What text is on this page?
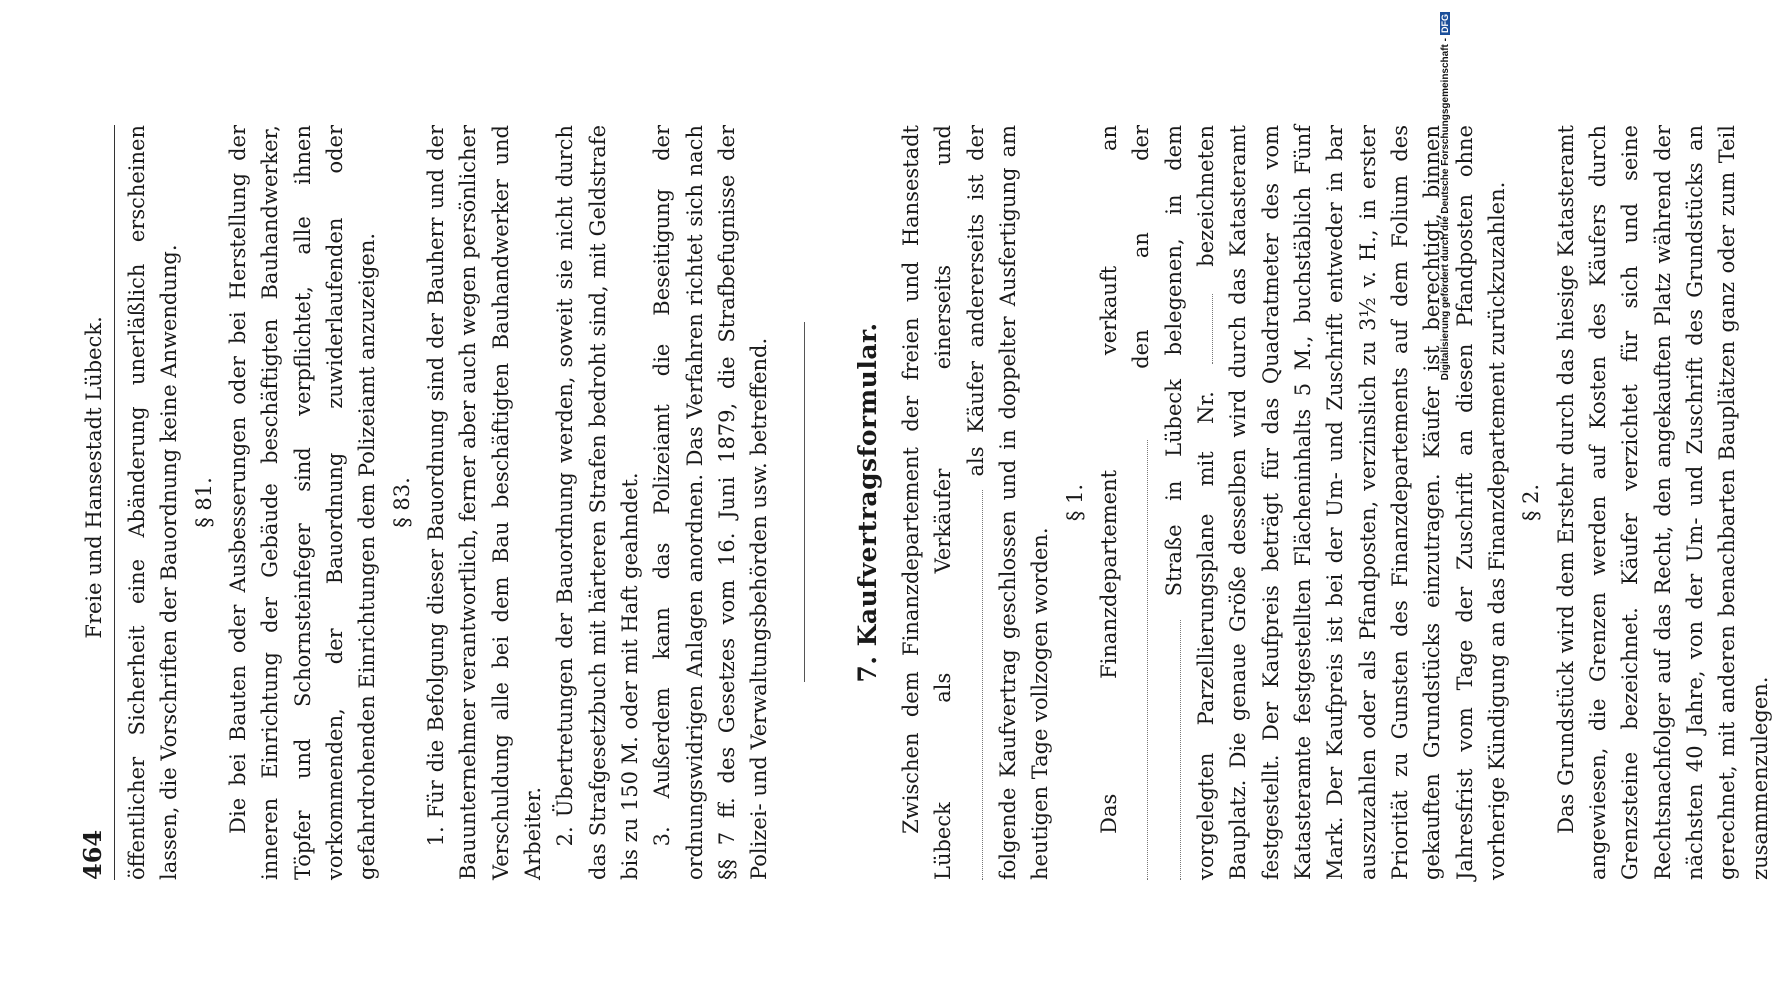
464
Freie und Hansestadt Lübeck. öffentlicher Sicherheit eine Abänderung unerläßlich erscheinen lassen, die Vorschriften der Bauordnung keine Anwendung. § 81. Die bei Bauten oder Ausbesserungen oder bei Herstellung der inneren Einrichtung der Gebäude beschäftigten Bauhandwerker, Töpfer und Schornsteinfeger sind verpflichtet, alle ihnen vorkommenden, der Bauordnung zuwiderlaufenden oder gefahrdrohenden Einrichtungen dem Polizeiamt anzuzeigen. § 83. 1. Für die Befolgung dieser Bauordnung sind der Bauherr und der Bauunternehmer verantwortlich, ferner aber auch wegen persönlicher Verschuldung alle bei dem Bau beschäftigten Bauhandwerker und Arbeiter. 2. Übertretungen der Bauordnung werden, soweit sie nicht durch das Strafgesetzbuch mit härteren Strafen bedroht sind, mit Geldstrafe bis zu 150 M. oder mit Haft geahndet. 3. Außerdem kann das Polizeiamt die Beseitigung der ordnungswidrigen Anlagen anordnen. Das Verfahren richtet sich nach §§ 7 ff. des Gesetzes vom 16. Juni 1879, die Strafbefugnisse der Polizei- und Verwaltungsbehörden usw. betreffend.	7. Kaufvertragsformular. Zwischen dem Finanzdepartement der freien und Hansestadt Lübeck als Verkäufer einerseits und als Käufer andererseits ist der folgende Kaufvertrag geschlossen und in doppelter Ausfertigung am heutigen Tage vollzogen worden.

§ 1. Das Finanzdepartement verkauft an den an der Straße in Lübeck belegenen, in dem vorgelegten Parzellierungsplane mit Nr.  bezeichneten Bauplatz. Die genaue Größe desselben wird durch das Katasteramt festgestellt. Der Kaufpreis beträgt für das Quadratmeter des vom Katasteramte festgestellten Flächeninhalts 5 M., buchstäblich Fünf Mark. Der Kaufpreis ist bei der Um- und Zuschrift entweder in bar auszuzahlen oder als Pfandposten, verzinslich zu 3½ v. H., in erster Priorität zu Gunsten des Finanzdepartements auf dem Folium des gekauften Grundstücks einzutragen. Käufer ist berechtigt, binnen Jahresfrist vom Tage der Zuschrift an diesen Pfandposten ohne vorherige Kündigung an das Finanzdepartement zurückzuzahlen. § 2. Das Grundstück wird dem Erstehr durch das hiesige Katasteramt angewiesen, die Grenzen werden auf Kosten des Käufers durch Grenzsteine bezeichnet. Käufer verzichtet für sich und seine Rechtsnachfolger auf das Recht, den angekauften Platz während der nächsten 40 Jahre, von der Um- und Zuschrift des Grundstücks an gerechnet, mit anderen benachbarten Bauplätzen ganz oder zum Teil zusammenzulegen.

Digitalisierung gefördert durch die Deutsche Forschungsgemeinschaft -DFG
